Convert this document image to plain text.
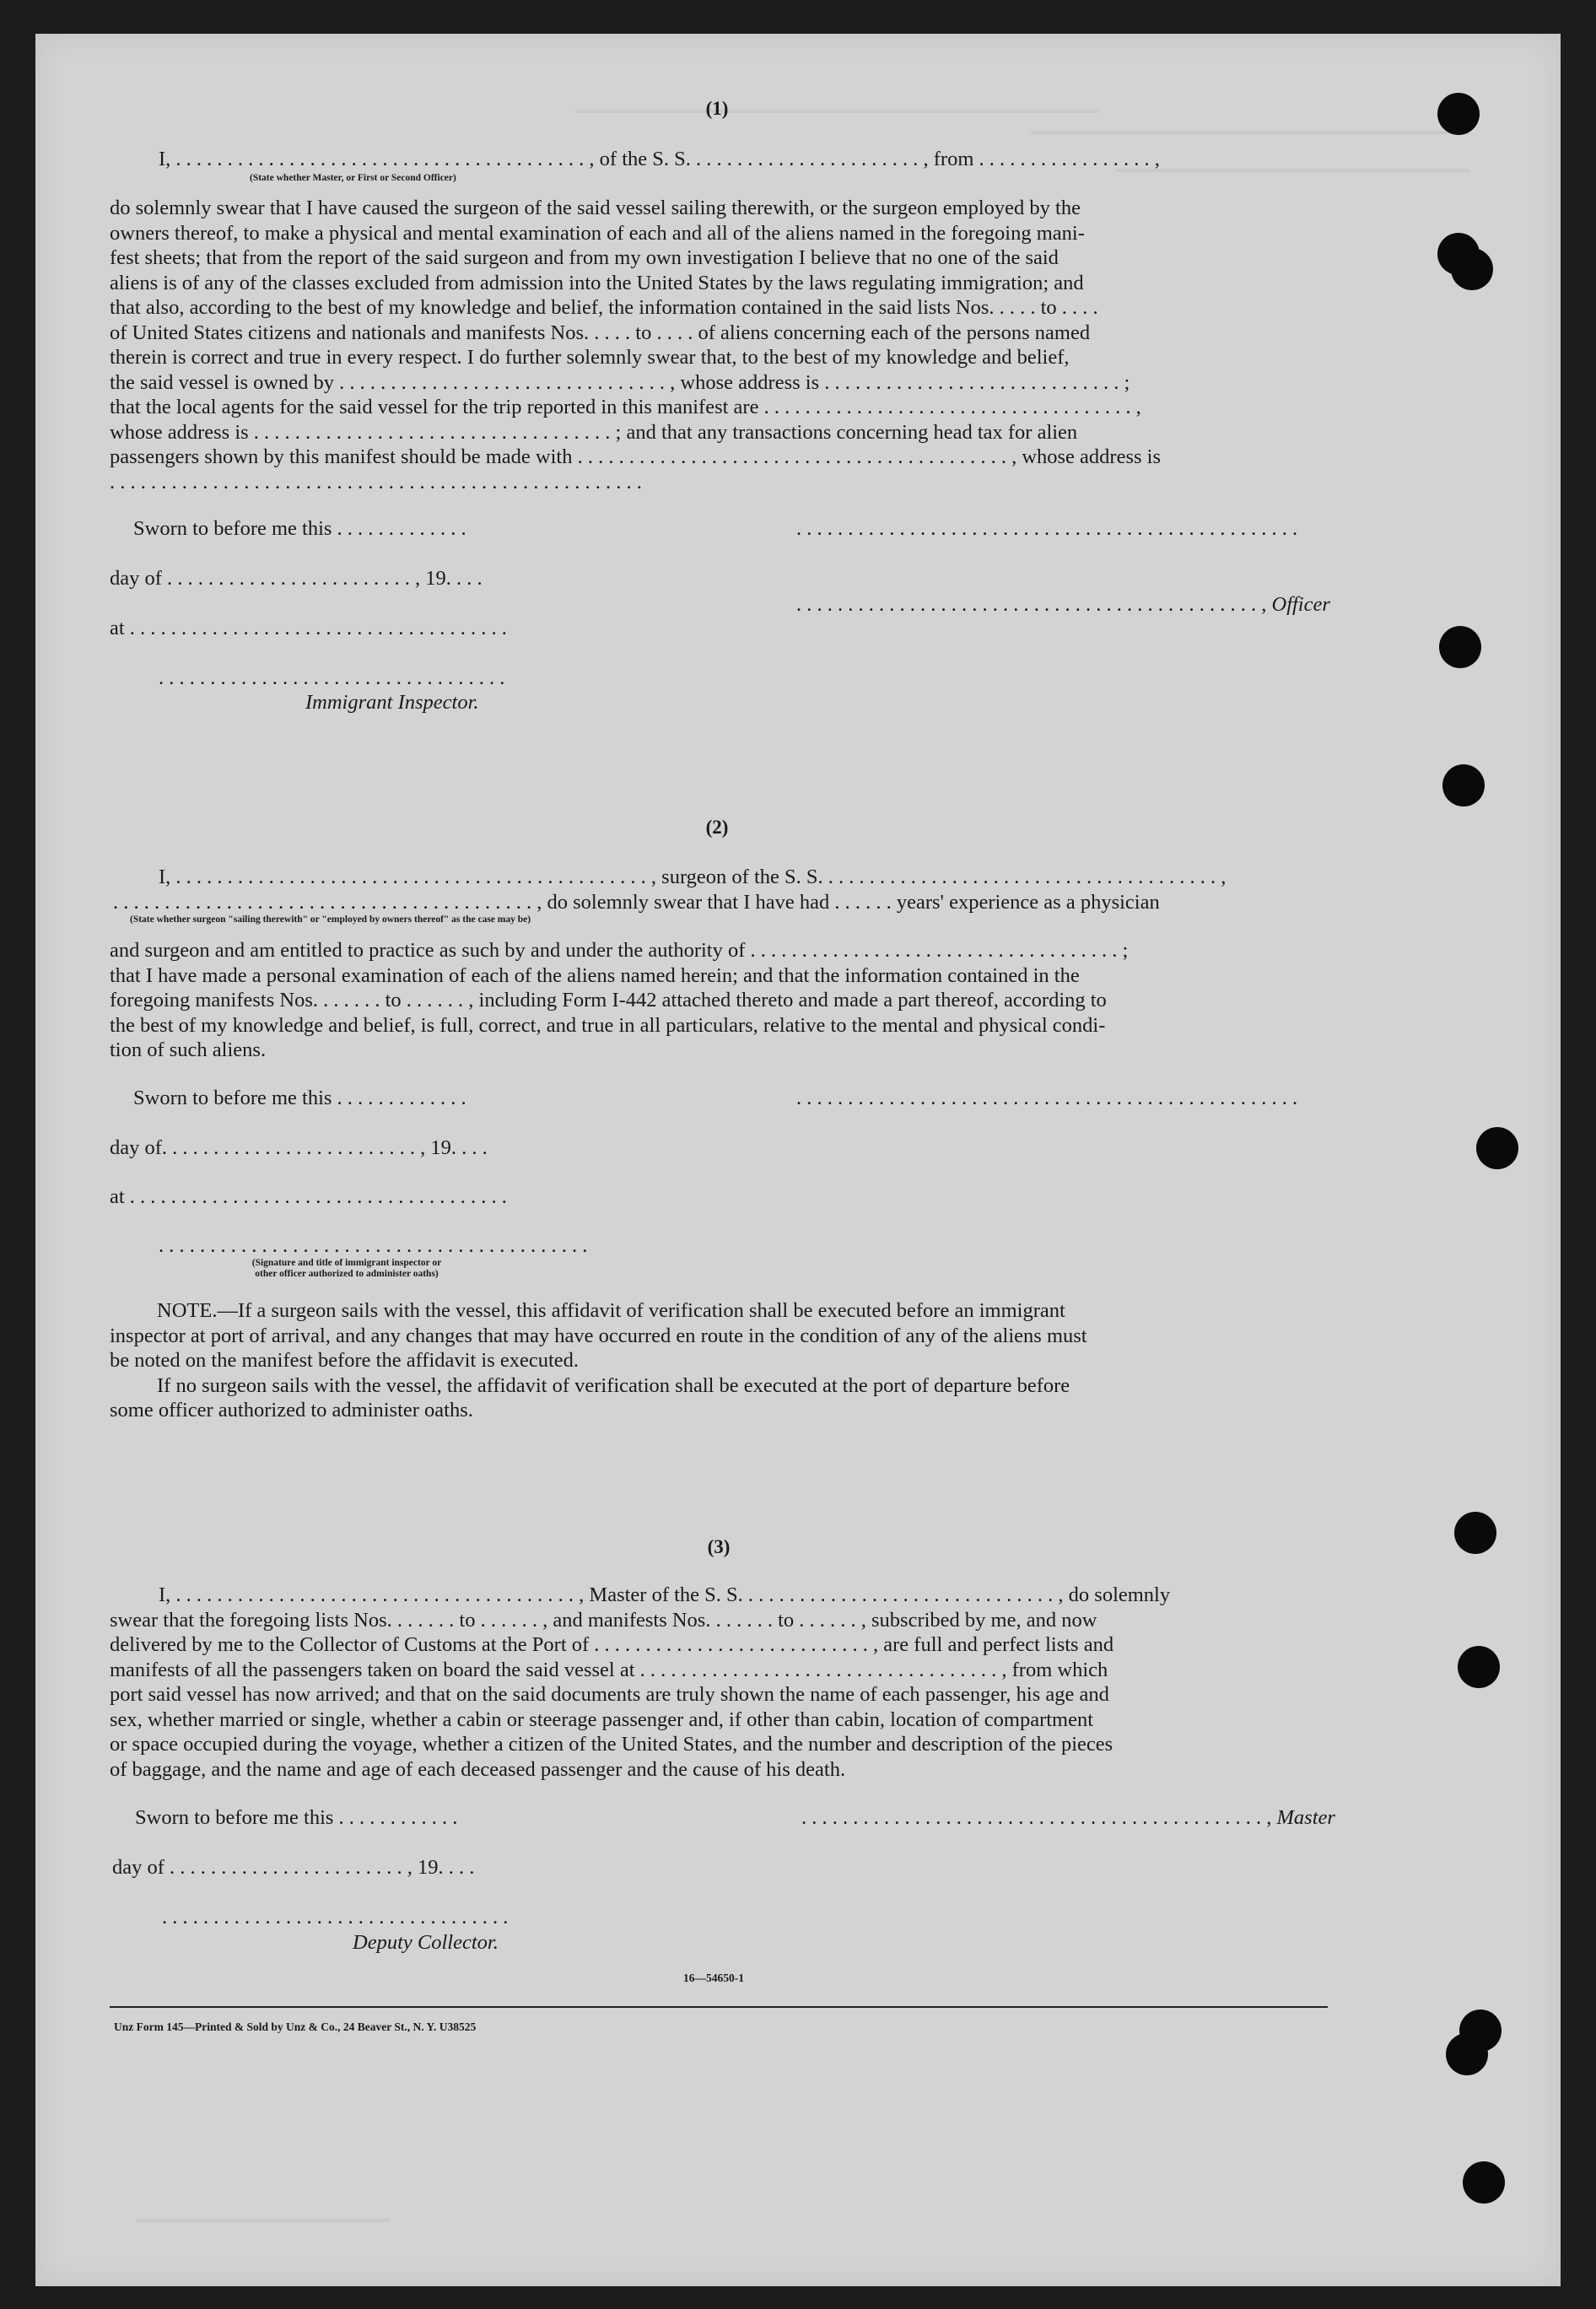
(1)
I, . . . . . . . . . . . . . . . . . . . . . . . . . . . . . . . . . . . . . . . . , of the S. S. . . . . . . . . . . . . . . . . . . . . . . , from . . . . . . . . . . . . . . . . . ,
(State whether Master, or First or Second Officer)
do solemnly swear that I have caused the surgeon of the said vessel sailing therewith, or the surgeon employed by the
owners thereof, to make a physical and mental examination of each and all of the aliens named in the foregoing mani-
fest sheets; that from the report of the said surgeon and from my own investigation I believe that no one of the said
aliens is of any of the classes excluded from admission into the United States by the laws regulating immigration; and
that also, according to the best of my knowledge and belief, the information contained in the said lists Nos. . . . . to . . . .
of United States citizens and nationals and manifests Nos. . . . . to . . . . of aliens concerning each of the persons named
therein is correct and true in every respect. I do further solemnly swear that, to the best of my knowledge and belief,
the said vessel is owned by . . . . . . . . . . . . . . . . . . . . . . . . . . . . . . . . , whose address is . . . . . . . . . . . . . . . . . . . . . . . . . . . . . ;
that the local agents for the said vessel for the trip reported in this manifest are . . . . . . . . . . . . . . . . . . . . . . . . . . . . . . . . . . . . ,
whose address is . . . . . . . . . . . . . . . . . . . . . . . . . . . . . . . . . . . ; and that any transactions concerning head tax for alien
passengers shown by this manifest should be made with . . . . . . . . . . . . . . . . . . . . . . . . . . . . . . . . . . . . . . . . . . , whose address is
. . . . . . . . . . . . . . . . . . . . . . . . . . . . . . . . . . . . . . . . . . . . . . . . . . . .
Sworn to before me this . . . . . . . . . . . . .	. . . . . . . . . . . . . . . . . . . . . . . . . . . . . . . . . . . . . . . . . . . . . . . . .
day of . . . . . . . . . . . . . . . . . . . . . . . . , 19. . . .
. . . . . . . . . . . . . . . . . . . . . . . . . . . . . . . . . . . . . . . . . . . . . , Officer
at . . . . . . . . . . . . . . . . . . . . . . . . . . . . . . . . . . . . .
. . . . . . . . . . . . . . . . . . . . . . . . . . . . . . . . . .
Immigrant Inspector.
(2)
I, . . . . . . . . . . . . . . . . . . . . . . . . . . . . . . . . . . . . . . . . . . . . . . , surgeon of the S. S. . . . . . . . . . . . . . . . . . . . . . . . . . . . . . . . . . . . . . . ,
. . . . . . . . . . . . . . . . . . . . . . . . . . . . . . . . . . . . . . . . . , do solemnly swear that I have had . . . . . . years' experience as a physician
(State whether surgeon "sailing therewith" or "employed by owners thereof" as the case may be)
and surgeon and am entitled to practice as such by and under the authority of . . . . . . . . . . . . . . . . . . . . . . . . . . . . . . . . . . . . ;
that I have made a personal examination of each of the aliens named herein; and that the information contained in the
foregoing manifests Nos. . . . . . . to . . . . . . , including Form I-442 attached thereto and made a part thereof, according to
the best of my knowledge and belief, is full, correct, and true in all particulars, relative to the mental and physical condi-
tion of such aliens.
Sworn to before me this . . . . . . . . . . . . .	. . . . . . . . . . . . . . . . . . . . . . . . . . . . . . . . . . . . . . . . . . . . . . . . .
day of. . . . . . . . . . . . . . . . . . . . . . . . . , 19. . . .
at . . . . . . . . . . . . . . . . . . . . . . . . . . . . . . . . . . . . .
. . . . . . . . . . . . . . . . . . . . . . . . . . . . . . . . . . . . . . . . . .
(Signature and title of immigrant inspector or
other officer authorized to administer oaths)
NOTE.—If a surgeon sails with the vessel, this affidavit of verification shall be executed before an immigrant
inspector at port of arrival, and any changes that may have occurred en route in the condition of any of the aliens must
be noted on the manifest before the affidavit is executed.
If no surgeon sails with the vessel, the affidavit of verification shall be executed at the port of departure before
some officer authorized to administer oaths.
(3)
I, . . . . . . . . . . . . . . . . . . . . . . . . . . . . . . . . . . . . . . . , Master of the S. S. . . . . . . . . . . . . . . . . . . . . . . . . . . . . . . , do solemnly
swear that the foregoing lists Nos. . . . . . . to . . . . . . , and manifests Nos. . . . . . . to . . . . . . , subscribed by me, and now
delivered by me to the Collector of Customs at the Port of . . . . . . . . . . . . . . . . . . . . . . . . . . . , are full and perfect lists and
manifests of all the passengers taken on board the said vessel at . . . . . . . . . . . . . . . . . . . . . . . . . . . . . . . . . . . , from which
port said vessel has now arrived; and that on the said documents are truly shown the name of each passenger, his age and
sex, whether married or single, whether a cabin or steerage passenger and, if other than cabin, location of compartment
or space occupied during the voyage, whether a citizen of the United States, and the number and description of the pieces
of baggage, and the name and age of each deceased passenger and the cause of his death.
Sworn to before me this . . . . . . . . . . . .	. . . . . . . . . . . . . . . . . . . . . . . . . . . . . . . . . . . . . . . . . . . . . , Master
day of . . . . . . . . . . . . . . . . . . . . . . . , 19. . . .
. . . . . . . . . . . . . . . . . . . . . . . . . . . . . . . . . .
Deputy Collector.
16—54650-1
Unz Form 145—Printed & Sold by Unz & Co., 24 Beaver St., N. Y. U38525
